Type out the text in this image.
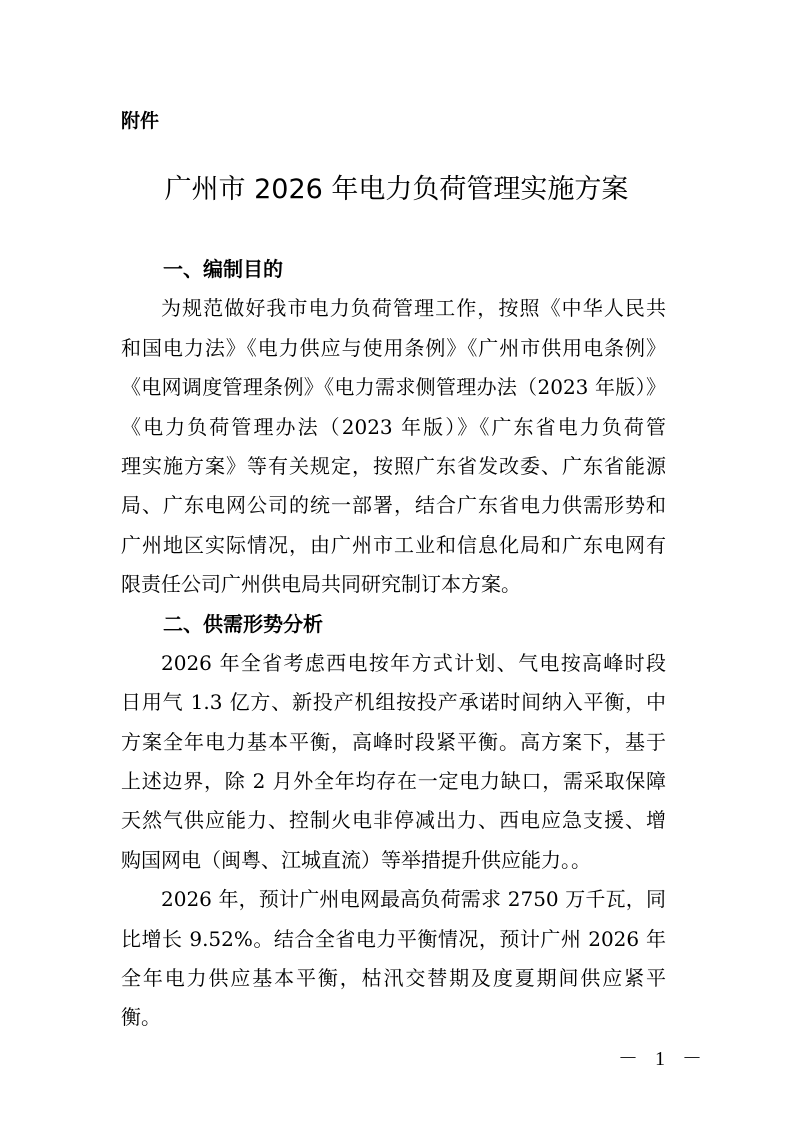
附件
广州市 2026 年电力负荷管理实施方案
一、编制目的
为规范做好我市电力负荷管理工作，按照《中华人民共
和国电力法》《电力供应与使用条例》《广州市供用电条例》
《电网调度管理条例》《电力需求侧管理办法（2023 年版）》
《电力负荷管理办法（2023 年版）》《广东省电力负荷管
理实施方案》等有关规定，按照广东省发改委、广东省能源
局、广东电网公司的统一部署，结合广东省电力供需形势和
广州地区实际情况，由广州市工业和信息化局和广东电网有
限责任公司广州供电局共同研究制订本方案。
二、供需形势分析
2026 年全省考虑西电按年方式计划、气电按高峰时段
日用气 1.3 亿方、新投产机组按投产承诺时间纳入平衡，中
方案全年电力基本平衡，高峰时段紧平衡。高方案下，基于
上述边界，除 2 月外全年均存在一定电力缺口，需采取保障
天然气供应能力、控制火电非停减出力、西电应急支援、增
购国网电（闽粤、江城直流）等举措提升供应能力。。
2026 年，预计广州电网最高负荷需求 2750 万千瓦，同
比增长 9.52%。结合全省电力平衡情况，预计广州 2026 年
全年电力供应基本平衡，枯汛交替期及度夏期间供应紧平
衡。
－ 1 －
